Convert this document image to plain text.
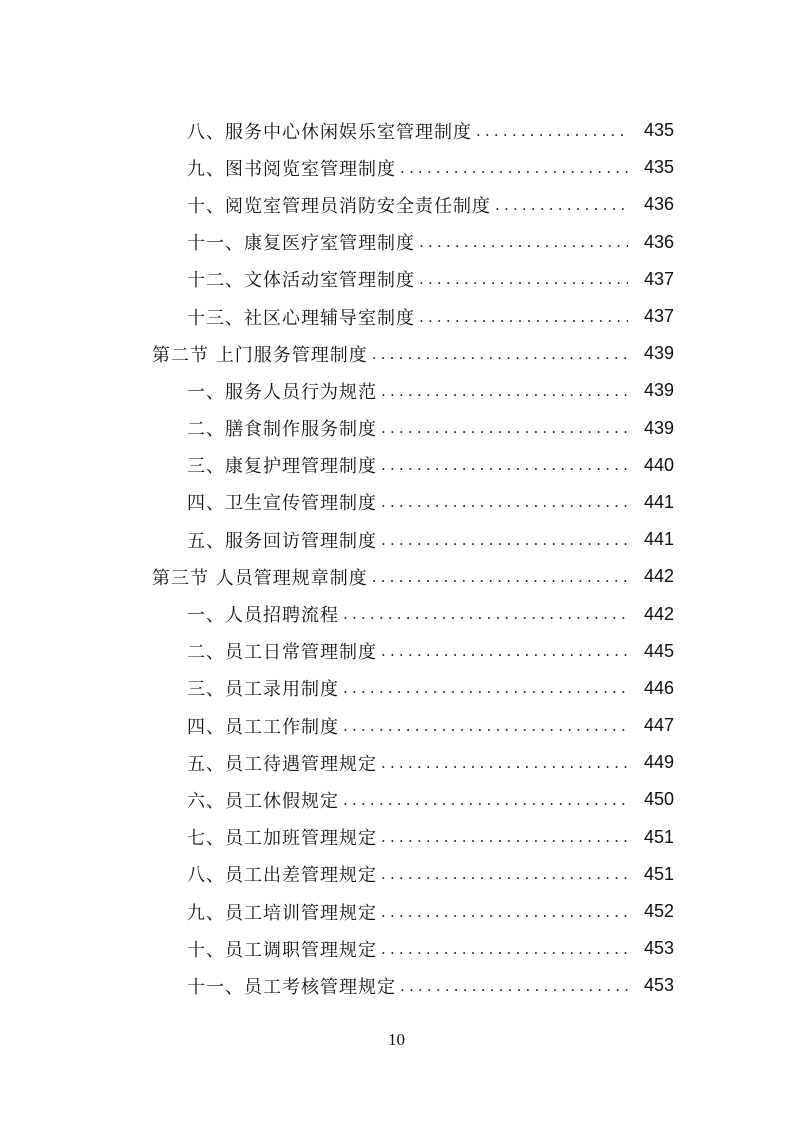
八、服务中心休闲娱乐室管理制度 .....	435
九、图书阅览室管理制度 .....	435
十、阅览室管理员消防安全责任制度 .....	436
十一、康复医疗室管理制度 .....	436
十二、文体活动室管理制度 .....	437
十三、社区心理辅导室制度 .....	437
第二节 上门服务管理制度 .....	439
一、服务人员行为规范 .....	439
二、膳食制作服务制度 .....	439
三、康复护理管理制度 .....	440
四、卫生宣传管理制度 .....	441
五、服务回访管理制度 .....	441
第三节 人员管理规章制度 .....	442
一、人员招聘流程 .....	442
二、员工日常管理制度 .....	445
三、员工录用制度 .....	446
四、员工工作制度 .....	447
五、员工待遇管理规定 .....	449
六、员工休假规定 .....	450
七、员工加班管理规定 .....	451
八、员工出差管理规定 .....	451
九、员工培训管理规定 .....	452
十、员工调职管理规定 .....	453
十一、员工考核管理规定 .....	453
10
